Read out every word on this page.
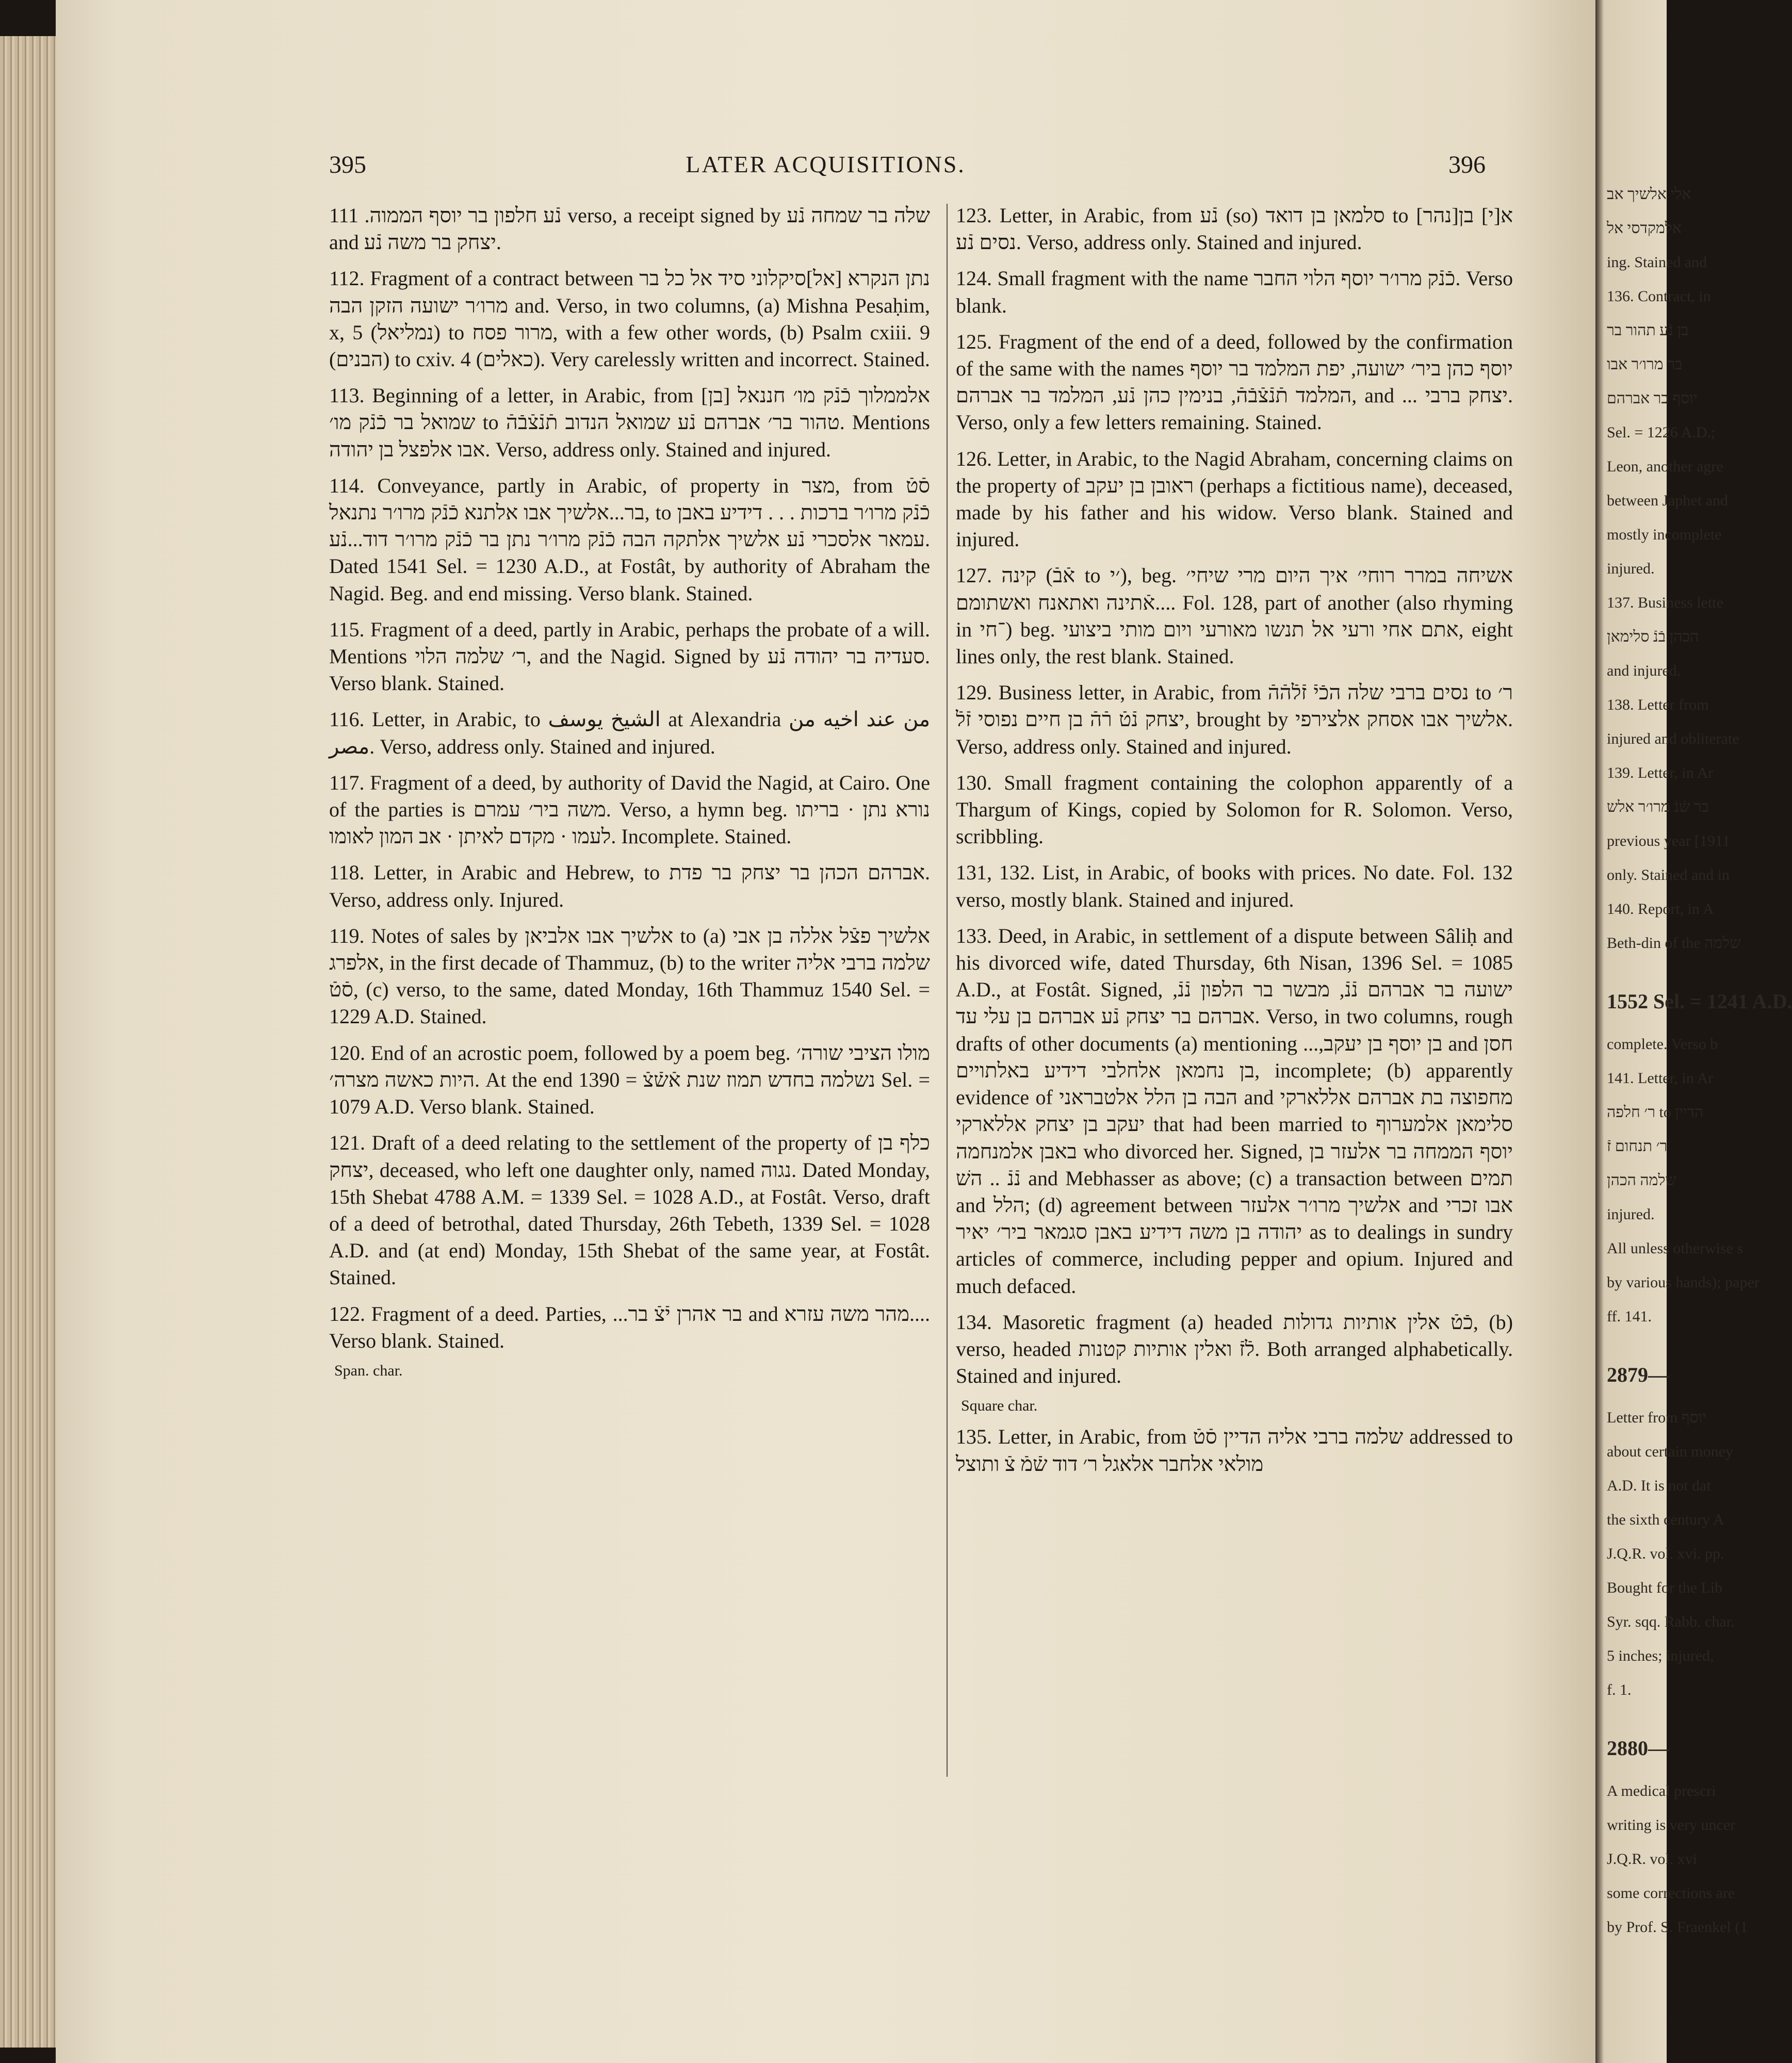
395	LATER ACQUISITIONS.	396

נֿע חלפון בר יוסף הממוה. 111 verso, a receipt signed by שלה בר שמחה נֿע and יצחק בר משה נֿע.

112. Fragment of a contract between נתן הנקרא [אל]סיקלוני סיד אל כל בר מרו׳ר ישועה הזקן הבה and. Verso, in two columns, (a) Mishna Pesaḥim, x, 5 (נמליאל) to מרור פסח, with a few other words, (b) Psalm cxiii. 9 (הבנים) to cxiv. 4 (כאלים). Very carelessly written and incorrect. Stained.

113. Beginning of a letter, in Arabic, from אלממלוך כֿנֿק מו׳ חננאל [בן] שמואל בר כֿנֿק מו׳ to טהור בר׳ אברהם נֿע שמואל הנדוב תֿנֿצֿבֿהֿ. Mentions אבו אלפצל בן יהודה. Verso, address only. Stained and injured.

114. Conveyance, partly in Arabic, of property in מצר, from סֿטֿ בר...אלשיך אבו אלתנא כֿנֿק מרו׳ר נתנאל, to כֿנֿק מרו׳ר ברכות . . . דידיע באבן עמאר אלסכרי נֿע אלשיך אלתקה הבה כֿנֿק מרו׳ר נתן בר כֿנֿק מרו׳ר דוד...נֿע. Dated 1541 Sel. = 1230 A.D., at Fostât, by authority of Abraham the Nagid. Beg. and end missing. Verso blank. Stained.

115. Fragment of a deed, partly in Arabic, perhaps the probate of a will. Mentions ר׳ שלמה הלוי, and the Nagid. Signed by סעדיה בר יהודה נֿע. Verso blank. Stained.

116. Letter, in Arabic, to الشيخ يوسف at Alexandria من عند اخيه من مصر. Verso, address only. Stained and injured.

117. Fragment of a deed, by authority of David the Nagid, at Cairo. One of the parties is משה ביר׳ עמרם. Verso, a hymn beg. נורא נתן · בריתו לעמו · מקדם לאיתן · אב המון לאומו. Incomplete. Stained.

118. Letter, in Arabic and Hebrew, to אברהם הכהן בר יצחק בר פדת. Verso, address only. Injured.

119. Notes of sales by אלשיך אבו אלביאן to (a) אלשיך פצֿל אללה בן אבי אלפרג, in the first decade of Thammuz, (b) to the writer שלמה ברבי אליה סֿטֿ, (c) verso, to the same, dated Monday, 16th Thammuz 1540 Sel. = 1229 A.D. Stained.

120. End of an acrostic poem, followed by a poem beg. מולו הציבי שורה׳ היות כאשה מצרה׳. At the end נשלמה בחדש תמוז שנת אֿשֿצֿ = 1390 Sel. = 1079 A.D. Verso blank. Stained.

121. Draft of a deed relating to the settlement of the property of כלף בן יצחק, deceased, who left one daughter only, named נגוה. Dated Monday, 15th Shebat 4788 A.M. = 1339 Sel. = 1028 A.D., at Fostât. Verso, draft of a deed of betrothal, dated Thursday, 26th Tebeth, 1339 Sel. = 1028 A.D. and (at end) Monday, 15th Shebat of the same year, at Fostât. Stained.

122. Fragment of a deed. Parties, ...בר אהרן יֿצֿ בר and מהר משה עזרא.... Verso blank. Stained.

Span. char.

123. Letter, in Arabic, from נֿע (so) סלמאן בן דואד to [נהר]א[י] בן נסים נֿע. Verso, address only. Stained and injured.

124. Small fragment with the name כֿנֿק מרו׳ר יוסף הלוי החבר. Verso blank.

125. Fragment of the end of a deed, followed by the confirmation of the same with the names יוסף כהן ביר׳ ישועה, יפת המלמד בר יוסף המלמד תֿנֿצֿבֿהֿ, בנימין כהן נֿע, המלמד בר אברהם, and ... יצחק ברבי. Verso, only a few letters remaining. Stained.

126. Letter, in Arabic, to the Nagid Abraham, concerning claims on the property of ראובן בן יעקב (perhaps a fictitious name), deceased, made by his father and his widow. Verso blank. Stained and injured.

127. קינה (אֿבֿ to ׳י), beg. אשיחה במרר רוחי׳ איך היום מרי שיחי׳ ...אֿתינה ואתאנח ואשתומם. Fol. 128, part of another (also rhyming in ־חי) beg. אתם אחי ורעי אל תנשו מאורעי ויום מותי ביצועי, eight lines only, the rest blank. Stained.

129. Business letter, in Arabic, from נסים ברבי שלה הכֿיֿ זֿלֿהֿהֿ to ר׳ יצחק נֿטֿ רֿהֿ בן חיים נפוסי זֿלֿ, brought by אלשיך אבו אסחק אלצירפי. Verso, address only. Stained and injured.

130. Small fragment containing the colophon apparently of a Thargum of Kings, copied by Solomon for R. Solomon. Verso, scribbling.

131, 132. List, in Arabic, of books with prices. No date. Fol. 132 verso, mostly blank. Stained and injured.

133. Deed, in Arabic, in settlement of a dispute between Sâliḥ and his divorced wife, dated Thursday, 6th Nisan, 1396 Sel. = 1085 A.D., at Fostât. Signed, ישועה בר אברהם נֿנֿ, מבשר בר הלפון נֿנֿ, אברהם בר יצחק נֿע אברהם בן עלי עד. Verso, in two columns, rough drafts of other documents (a) mentioning ...,בן יוסף בן יעקב and חסן בן נחמאן אלחלבי דידיע באלתויים, incomplete; (b) apparently evidence of הבה בן הלל אלטבראני and מחפוצה בת אברהם אללארקי יעקב בן יצחק אללארקי that had been married to סלימאן אלמערוף באבן אלמנחמה who divorced her. Signed, יוסף הממחה בר אלעזר בן נֿנֿ .. השׁ and Mebhasser as above; (c) a transaction between תמים and הלל; (d) agreement between אלשיך מרו׳ר אלעזר and אבו זכרי יהודה בן משה דידיע באבן סגמאר ביר׳ יאיר as to dealings in sundry articles of commerce, including pepper and opium. Injured and much defaced.

134. Masoretic fragment (a) headed כֿטֿ אלין אותיות גדולות, (b) verso, headed לֿזֿ ואלין אותיות קטנות. Both arranged alphabetically. Stained and injured.

Square char.

135. Letter, in Arabic, from שלמה ברבי אליה הדיין סֿטֿ addressed to מולאי אלחבר אלאגל ר׳ דוד שֿמֿ צֿ ותוצל

אלי אלשיך אב
אלמקדסי אל
ing. Stained and
136. Contract, in
בן נֿע תהור בר
בר מרו׳ר אבו
יוסף בר אברהם
Sel. = 1226 A.D.;
Leon, another agre
between Japhet and
mostly incomplete
injured.
137. Business lette
הכהן בֿנֿ סלימאן
and injured.
138. Letter from
injured and obliterate
139. Letter, in Ar
בר שֿנֿ מרו׳ר אלש
previous year [1911
only. Stained and in
140. Report, in A
Beth-din of the שלמה
1552 Sel. = 1241 A.D.
complete. Verso b
141. Letter, in Ar
ר׳ חלפה to הדיין
ר׳ תנחום זֿ
שלמה הכהן
injured.
All unless otherwise s
by various hands); paper
ff. 141.
2879—
Letter from יוסף
about certain money
A.D. It is not dat
the sixth century A
J.Q.R. vol. xvi. pp.
Bought for the Lib
Syr. sqq. Rabb. char.
5 inches; injured,
f. 1.
2880—
A medical prescri
writing is very uncer
J.Q.R. vol. xvi
some corrections are
by Prof. S. Fraenkel (1
